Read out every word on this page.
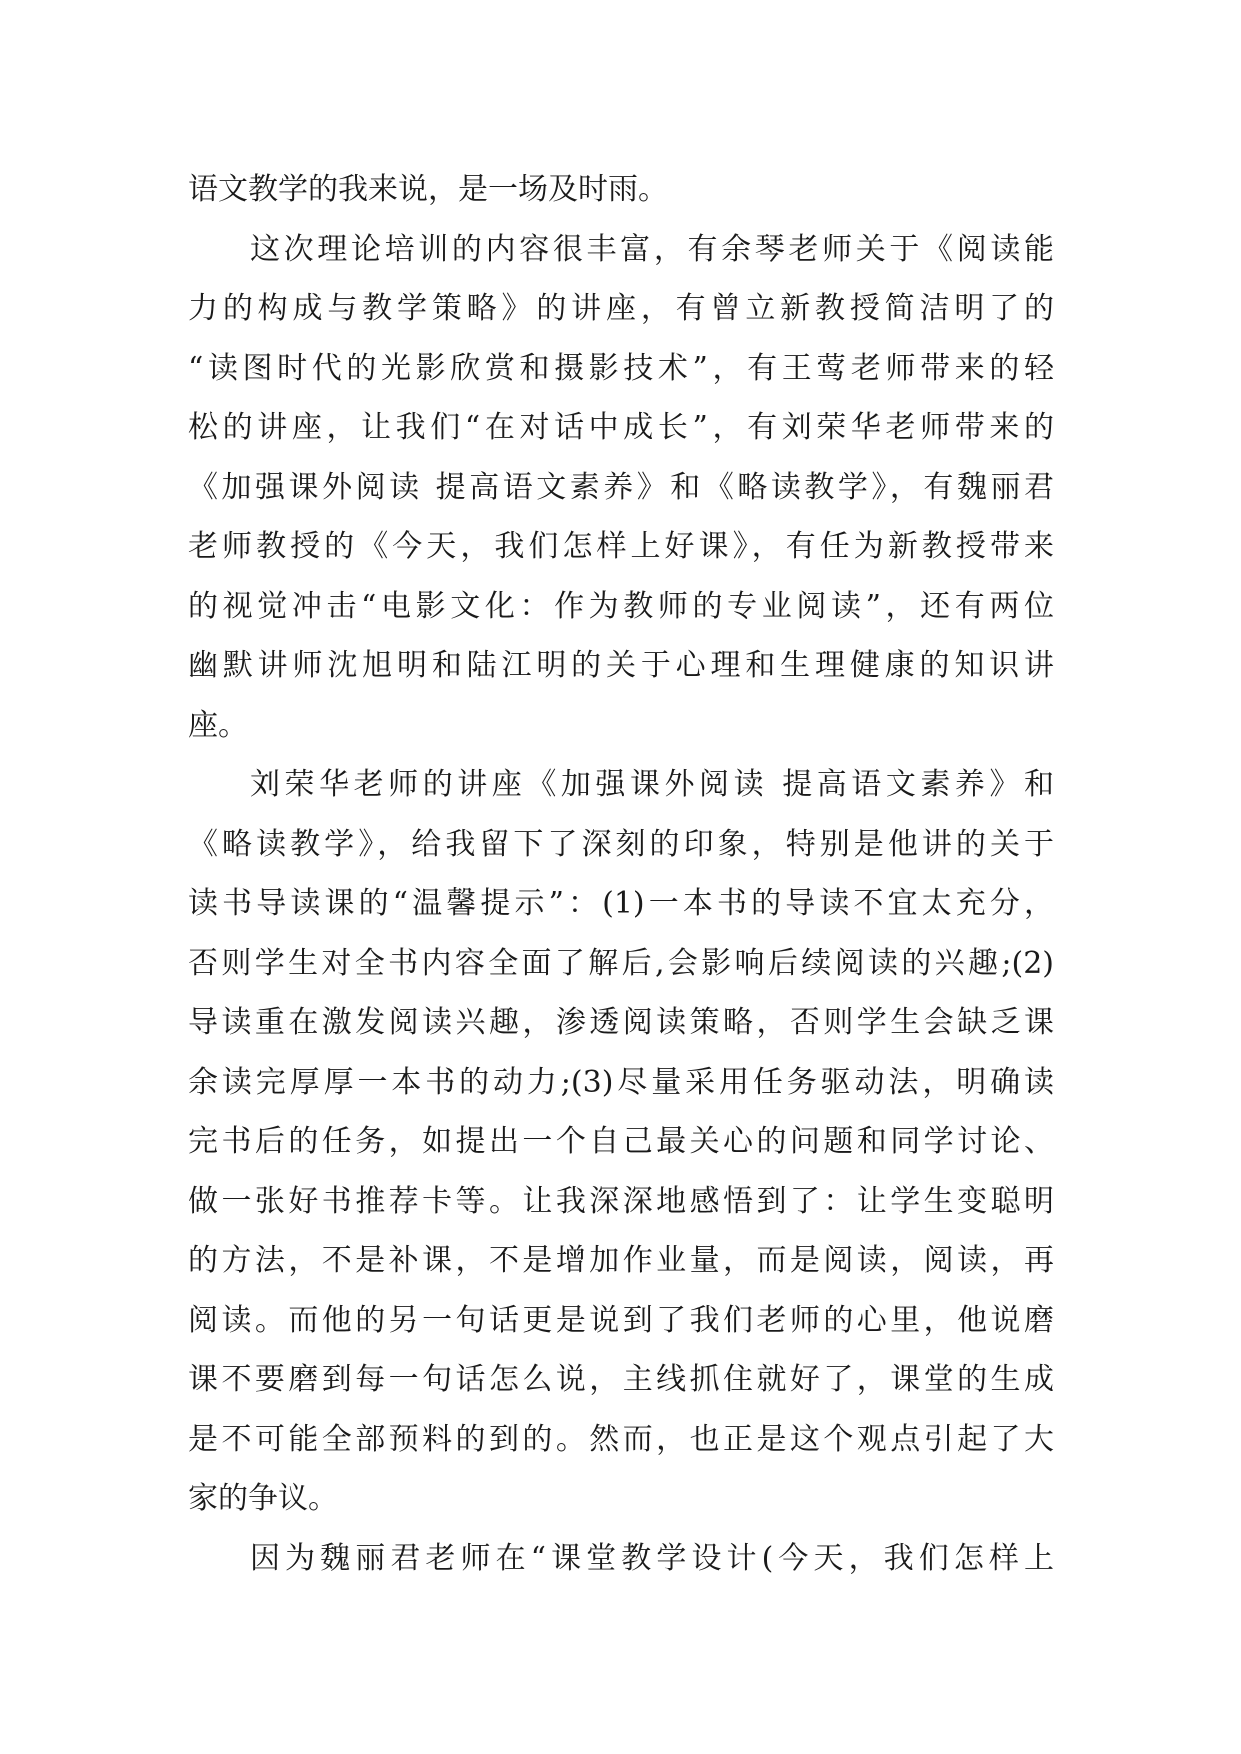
语文教学的我来说，是一场及时雨。
这次理论培训的内容很丰富，有余琴老师关于《阅读能
力的构成与教学策略》的讲座，有曾立新教授简洁明了的
“读图时代的光影欣赏和摄影技术”，有王莺老师带来的轻
松的讲座，让我们“在对话中成长”，有刘荣华老师带来的
《加强课外阅读 提高语文素养》和《略读教学》，有魏丽君
老师教授的《今天，我们怎样上好课》，有任为新教授带来
的视觉冲击“电影文化：作为教师的专业阅读”，还有两位
幽默讲师沈旭明和陆江明的关于心理和生理健康的知识讲
座。
刘荣华老师的讲座《加强课外阅读 提高语文素养》和
《略读教学》，给我留下了深刻的印象，特别是他讲的关于
读书导读课的“温馨提示”：(1)一本书的导读不宜太充分，
否则学生对全书内容全面了解后,会影响后续阅读的兴趣;(2)
导读重在激发阅读兴趣，渗透阅读策略，否则学生会缺乏课
余读完厚厚一本书的动力;(3)尽量采用任务驱动法，明确读
完书后的任务，如提出一个自己最关心的问题和同学讨论、
做一张好书推荐卡等。让我深深地感悟到了：让学生变聪明
的方法，不是补课，不是增加作业量，而是阅读，阅读，再
阅读。而他的另一句话更是说到了我们老师的心里，他说磨
课不要磨到每一句话怎么说，主线抓住就好了，课堂的生成
是不可能全部预料的到的。然而，也正是这个观点引起了大
家的争议。
因为魏丽君老师在“课堂教学设计(今天，我们怎样上
